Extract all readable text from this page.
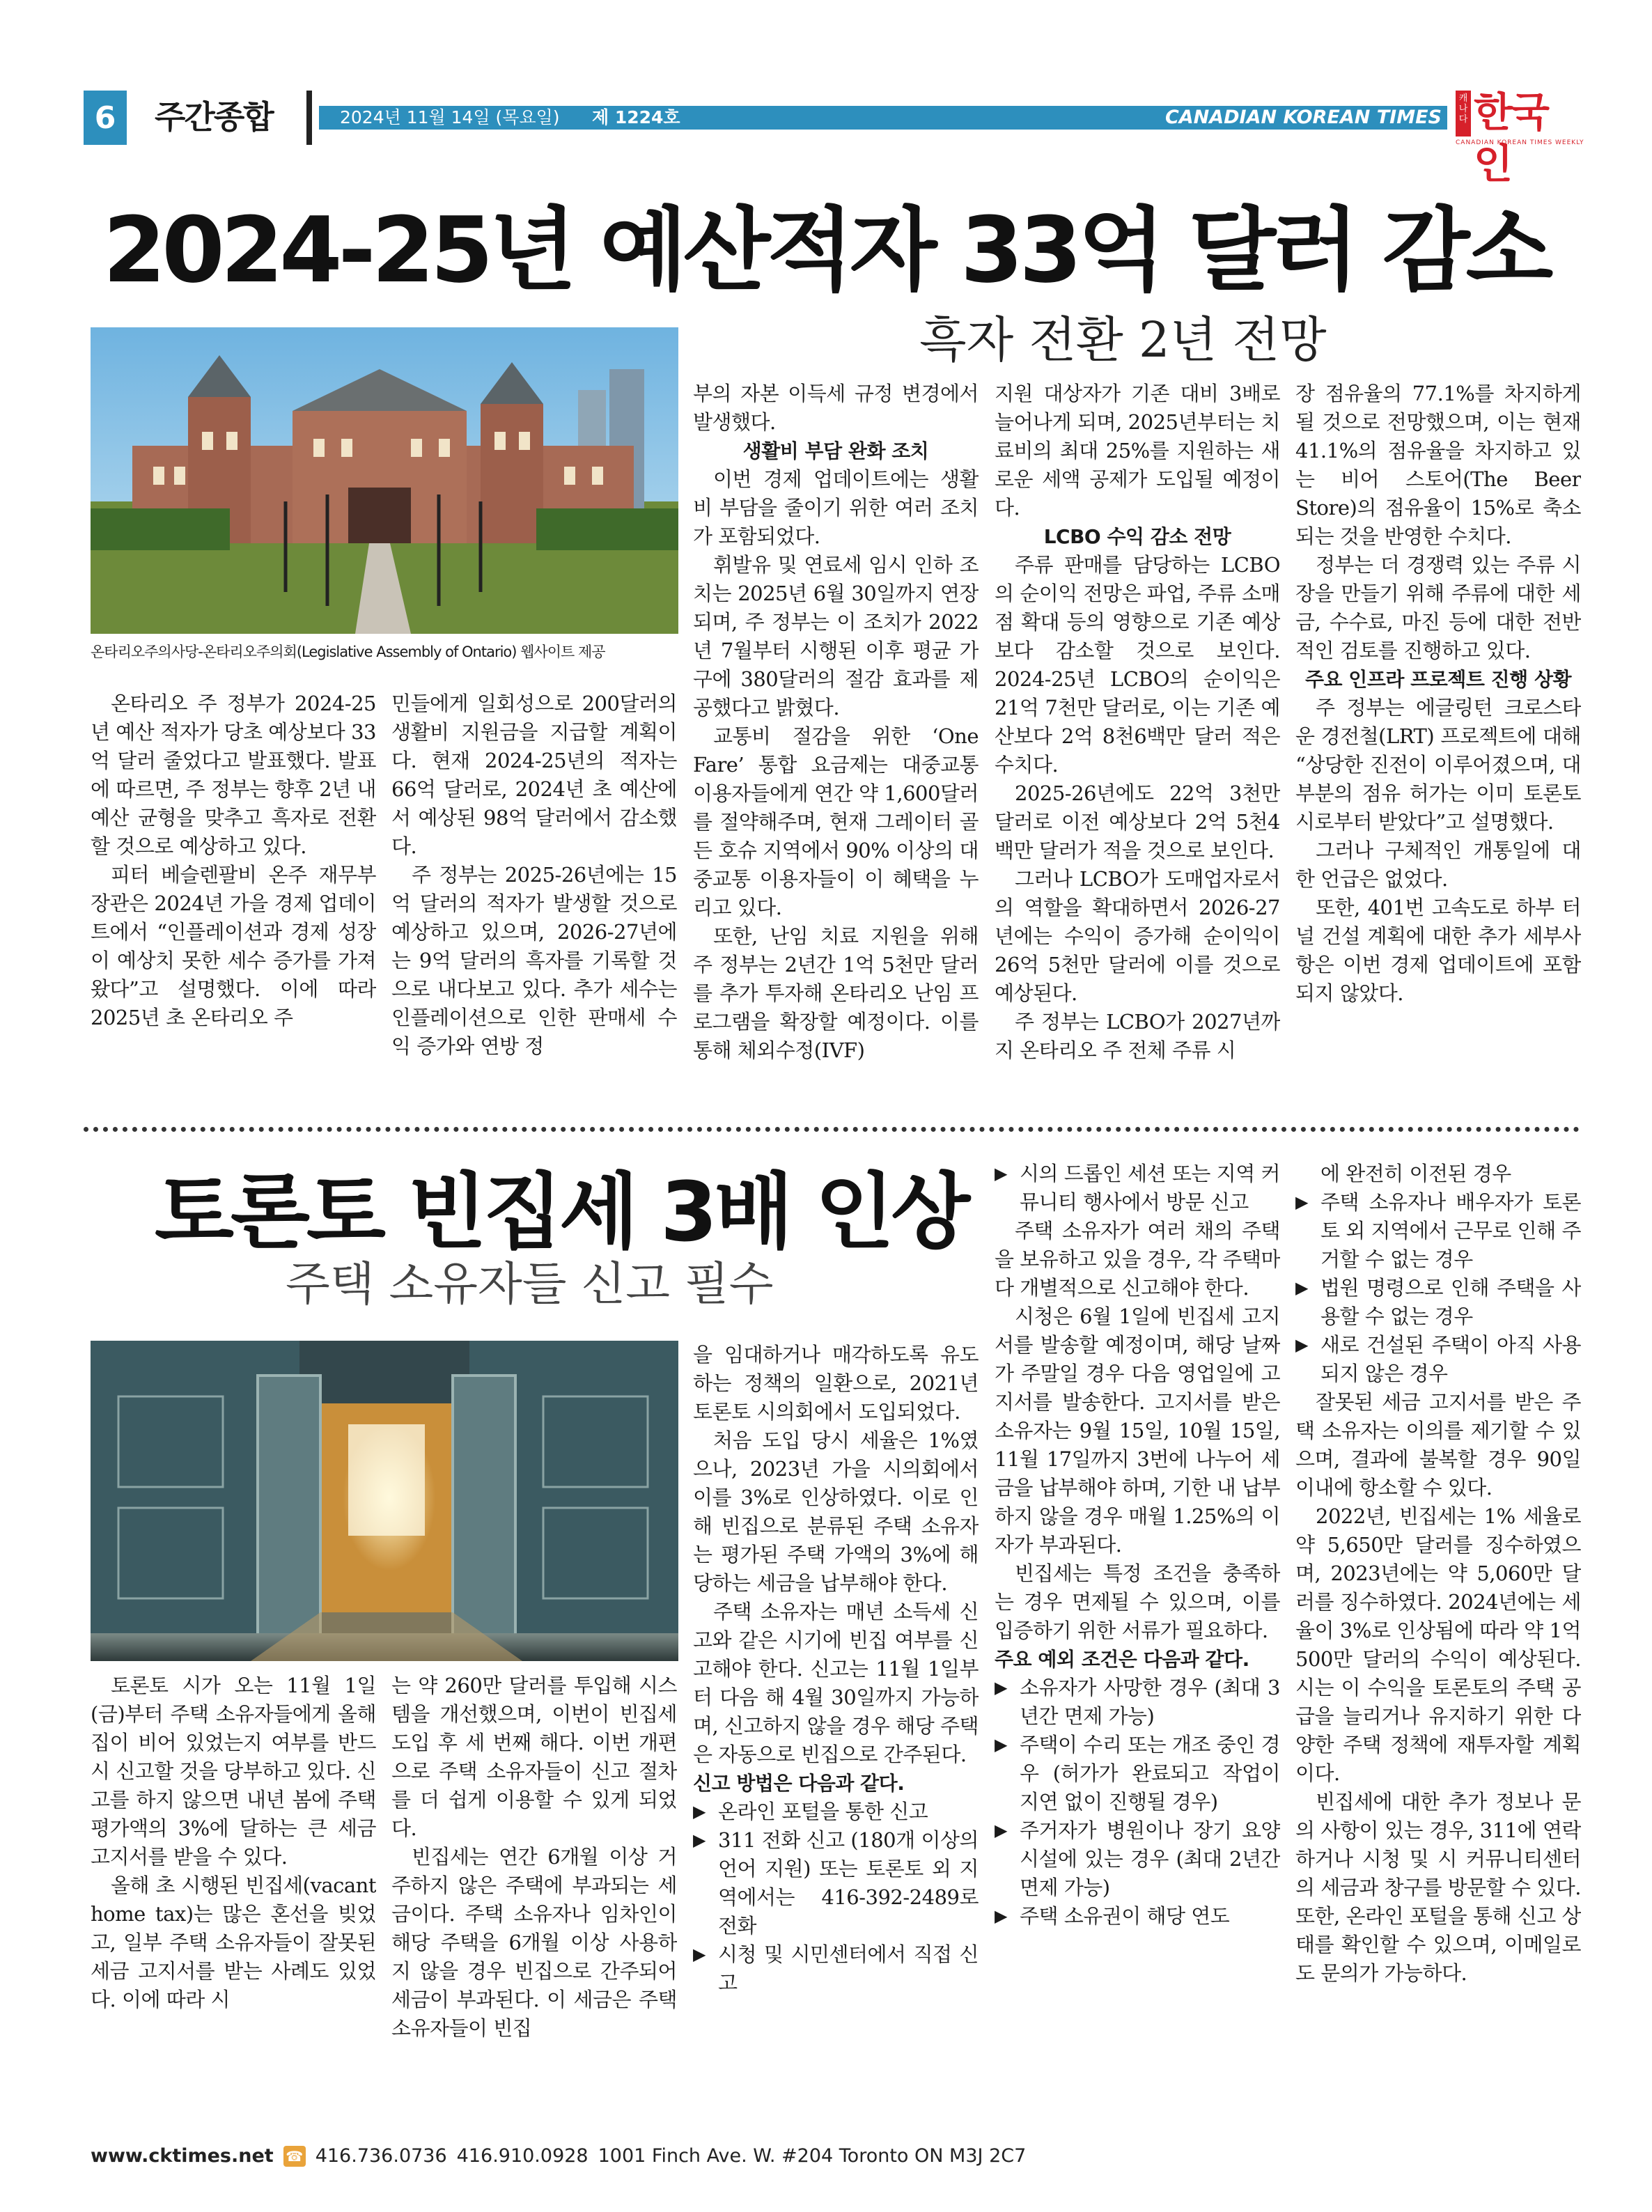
6	주간종합	2024년 11월 14일 (목요일) 제 1224호	CANADIAN KOREAN TIMES
캐나다 한국인
CANADIAN KOREAN TIMES WEEKLY
2024-25년 예산적자 33억 달러 감소
흑자 전환 2년 전망
온타리오주의사당-온타리오주의회(Legislative Assembly of Ontario) 웹사이트 제공

온타리오 주 정부가 2024-25년 예산 적자가 당초 예상보다 33억 달러 줄었다고 발표했다. 발표에 따르면, 주 정부는 향후 2년 내 예산 균형을 맞추고 흑자로 전환할 것으로 예상하고 있다.

피터 베슬렌팔비 온주 재무부 장관은 2024년 가을 경제 업데이트에서 “인플레이션과 경제 성장이 예상치 못한 세수 증가를 가져왔다”고 설명했다. 이에 따라 2025년 초 온타리오 주

민들에게 일회성으로 200달러의 생활비 지원금을 지급할 계획이다. 현재 2024-25년의 적자는 66억 달러로, 2024년 초 예산에서 예상된 98억 달러에서 감소했다.

주 정부는 2025-26년에는 15억 달러의 적자가 발생할 것으로 예상하고 있으며, 2026-27년에는 9억 달러의 흑자를 기록할 것으로 내다보고 있다. 추가 세수는 인플레이션으로 인한 판매세 수익 증가와 연방 정

부의 자본 이득세 규정 변경에서 발생했다.

생활비 부담 완화 조치

이번 경제 업데이트에는 생활비 부담을 줄이기 위한 여러 조치가 포함되었다.

휘발유 및 연료세 임시 인하 조치는 2025년 6월 30일까지 연장되며, 주 정부는 이 조치가 2022년 7월부터 시행된 이후 평균 가구에 380달러의 절감 효과를 제공했다고 밝혔다.

교통비 절감을 위한 ‘One Fare’ 통합 요금제는 대중교통 이용자들에게 연간 약 1,600달러를 절약해주며, 현재 그레이터 골든 호슈 지역에서 90% 이상의 대중교통 이용자들이 이 혜택을 누리고 있다.

또한, 난임 치료 지원을 위해 주 정부는 2년간 1억 5천만 달러를 추가 투자해 온타리오 난임 프로그램을 확장할 예정이다. 이를 통해 체외수정(IVF)

지원 대상자가 기존 대비 3배로 늘어나게 되며, 2025년부터는 치료비의 최대 25%를 지원하는 새로운 세액 공제가 도입될 예정이다.

LCBO 수익 감소 전망

주류 판매를 담당하는 LCBO의 순이익 전망은 파업, 주류 소매점 확대 등의 영향으로 기존 예상보다 감소할 것으로 보인다. 2024-25년 LCBO의 순이익은 21억 7천만 달러로, 이는 기존 예산보다 2억 8천6백만 달러 적은 수치다.

2025-26년에도 22억 3천만 달러로 이전 예상보다 2억 5천4백만 달러가 적을 것으로 보인다.

그러나 LCBO가 도매업자로서의 역할을 확대하면서 2026-27년에는 수익이 증가해 순이익이 26억 5천만 달러에 이를 것으로 예상된다.

주 정부는 LCBO가 2027년까지 온타리오 주 전체 주류 시

장 점유율의 77.1%를 차지하게 될 것으로 전망했으며, 이는 현재 41.1%의 점유율을 차지하고 있는 비어 스토어(The Beer Store)의 점유율이 15%로 축소되는 것을 반영한 수치다.

정부는 더 경쟁력 있는 주류 시장을 만들기 위해 주류에 대한 세금, 수수료, 마진 등에 대한 전반적인 검토를 진행하고 있다.

주요 인프라 프로젝트 진행 상황

주 정부는 에글링턴 크로스타운 경전철(LRT) 프로젝트에 대해 “상당한 진전이 이루어졌으며, 대부분의 점유 허가는 이미 토론토 시로부터 받았다”고 설명했다.

그러나 구체적인 개통일에 대한 언급은 없었다.

또한, 401번 고속도로 하부 터널 건설 계획에 대한 추가 세부사항은 이번 경제 업데이트에 포함되지 않았다.

토론토 빈집세 3배 인상
주택 소유자들 신고 필수

토론토 시가 오는 11월 1일(금)부터 주택 소유자들에게 올해 집이 비어 있었는지 여부를 반드시 신고할 것을 당부하고 있다. 신고를 하지 않으면 내년 봄에 주택 평가액의 3%에 달하는 큰 세금 고지서를 받을 수 있다.

올해 초 시행된 빈집세(vacant home tax)는 많은 혼선을 빚었고, 일부 주택 소유자들이 잘못된 세금 고지서를 받는 사례도 있었다. 이에 따라 시

는 약 260만 달러를 투입해 시스템을 개선했으며, 이번이 빈집세 도입 후 세 번째 해다. 이번 개편으로 주택 소유자들이 신고 절차를 더 쉽게 이용할 수 있게 되었다.

빈집세는 연간 6개월 이상 거주하지 않은 주택에 부과되는 세금이다. 주택 소유자나 임차인이 해당 주택을 6개월 이상 사용하지 않을 경우 빈집으로 간주되어 세금이 부과된다. 이 세금은 주택 소유자들이 빈집

을 임대하거나 매각하도록 유도하는 정책의 일환으로, 2021년 토론토 시의회에서 도입되었다.

처음 도입 당시 세율은 1%였으나, 2023년 가을 시의회에서 이를 3%로 인상하였다. 이로 인해 빈집으로 분류된 주택 소유자는 평가된 주택 가액의 3%에 해당하는 세금을 납부해야 한다.

주택 소유자는 매년 소득세 신고와 같은 시기에 빈집 여부를 신고해야 한다. 신고는 11월 1일부터 다음 해 4월 30일까지 가능하며, 신고하지 않을 경우 해당 주택은 자동으로 빈집으로 간주된다.

신고 방법은 다음과 같다.
▶ 온라인 포털을 통한 신고
▶ 311 전화 신고 (180개 이상의 언어 지원) 또는 토론토 외 지역에서는 416-392-2489로 전화
▶ 시청 및 시민센터에서 직접 신고
▶ 시의 드롭인 세션 또는 지역 커뮤니티 행사에서 방문 신고

주택 소유자가 여러 채의 주택을 보유하고 있을 경우, 각 주택마다 개별적으로 신고해야 한다.

시청은 6월 1일에 빈집세 고지서를 발송할 예정이며, 해당 날짜가 주말일 경우 다음 영업일에 고지서를 발송한다. 고지서를 받은 소유자는 9월 15일, 10월 15일, 11월 17일까지 3번에 나누어 세금을 납부해야 하며, 기한 내 납부하지 않을 경우 매월 1.25%의 이자가 부과된다.

빈집세는 특정 조건을 충족하는 경우 면제될 수 있으며, 이를 입증하기 위한 서류가 필요하다.

주요 예외 조건은 다음과 같다.
▶ 소유자가 사망한 경우 (최대 3년간 면제 가능)
▶ 주택이 수리 또는 개조 중인 경우 (허가가 완료되고 작업이 지연 없이 진행될 경우)
▶ 주거자가 병원이나 장기 요양시설에 있는 경우 (최대 2년간 면제 가능)
▶ 주택 소유권이 해당 연도
에 완전히 이전된 경우
▶ 주택 소유자나 배우자가 토론토 외 지역에서 근무로 인해 주거할 수 없는 경우
▶ 법원 명령으로 인해 주택을 사용할 수 없는 경우
▶ 새로 건설된 주택이 아직 사용되지 않은 경우

잘못된 세금 고지서를 받은 주택 소유자는 이의를 제기할 수 있으며, 결과에 불복할 경우 90일 이내에 항소할 수 있다.

2022년, 빈집세는 1% 세율로 약 5,650만 달러를 징수하였으며, 2023년에는 약 5,060만 달러를 징수하였다. 2024년에는 세율이 3%로 인상됨에 따라 약 1억 500만 달러의 수익이 예상된다. 시는 이 수익을 토론토의 주택 공급을 늘리거나 유지하기 위한 다양한 주택 정책에 재투자할 계획이다.

빈집세에 대한 추가 정보나 문의 사항이 있는 경우, 311에 연락하거나 시청 및 시 커뮤니티센터의 세금과 창구를 방문할 수 있다. 또한, 온라인 포털을 통해 신고 상태를 확인할 수 있으며, 이메일로도 문의가 가능하다.

www.cktimes.net ☎ 416.736.0736 416.910.0928 1001 Finch Ave. W. #204 Toronto ON M3J 2C7
